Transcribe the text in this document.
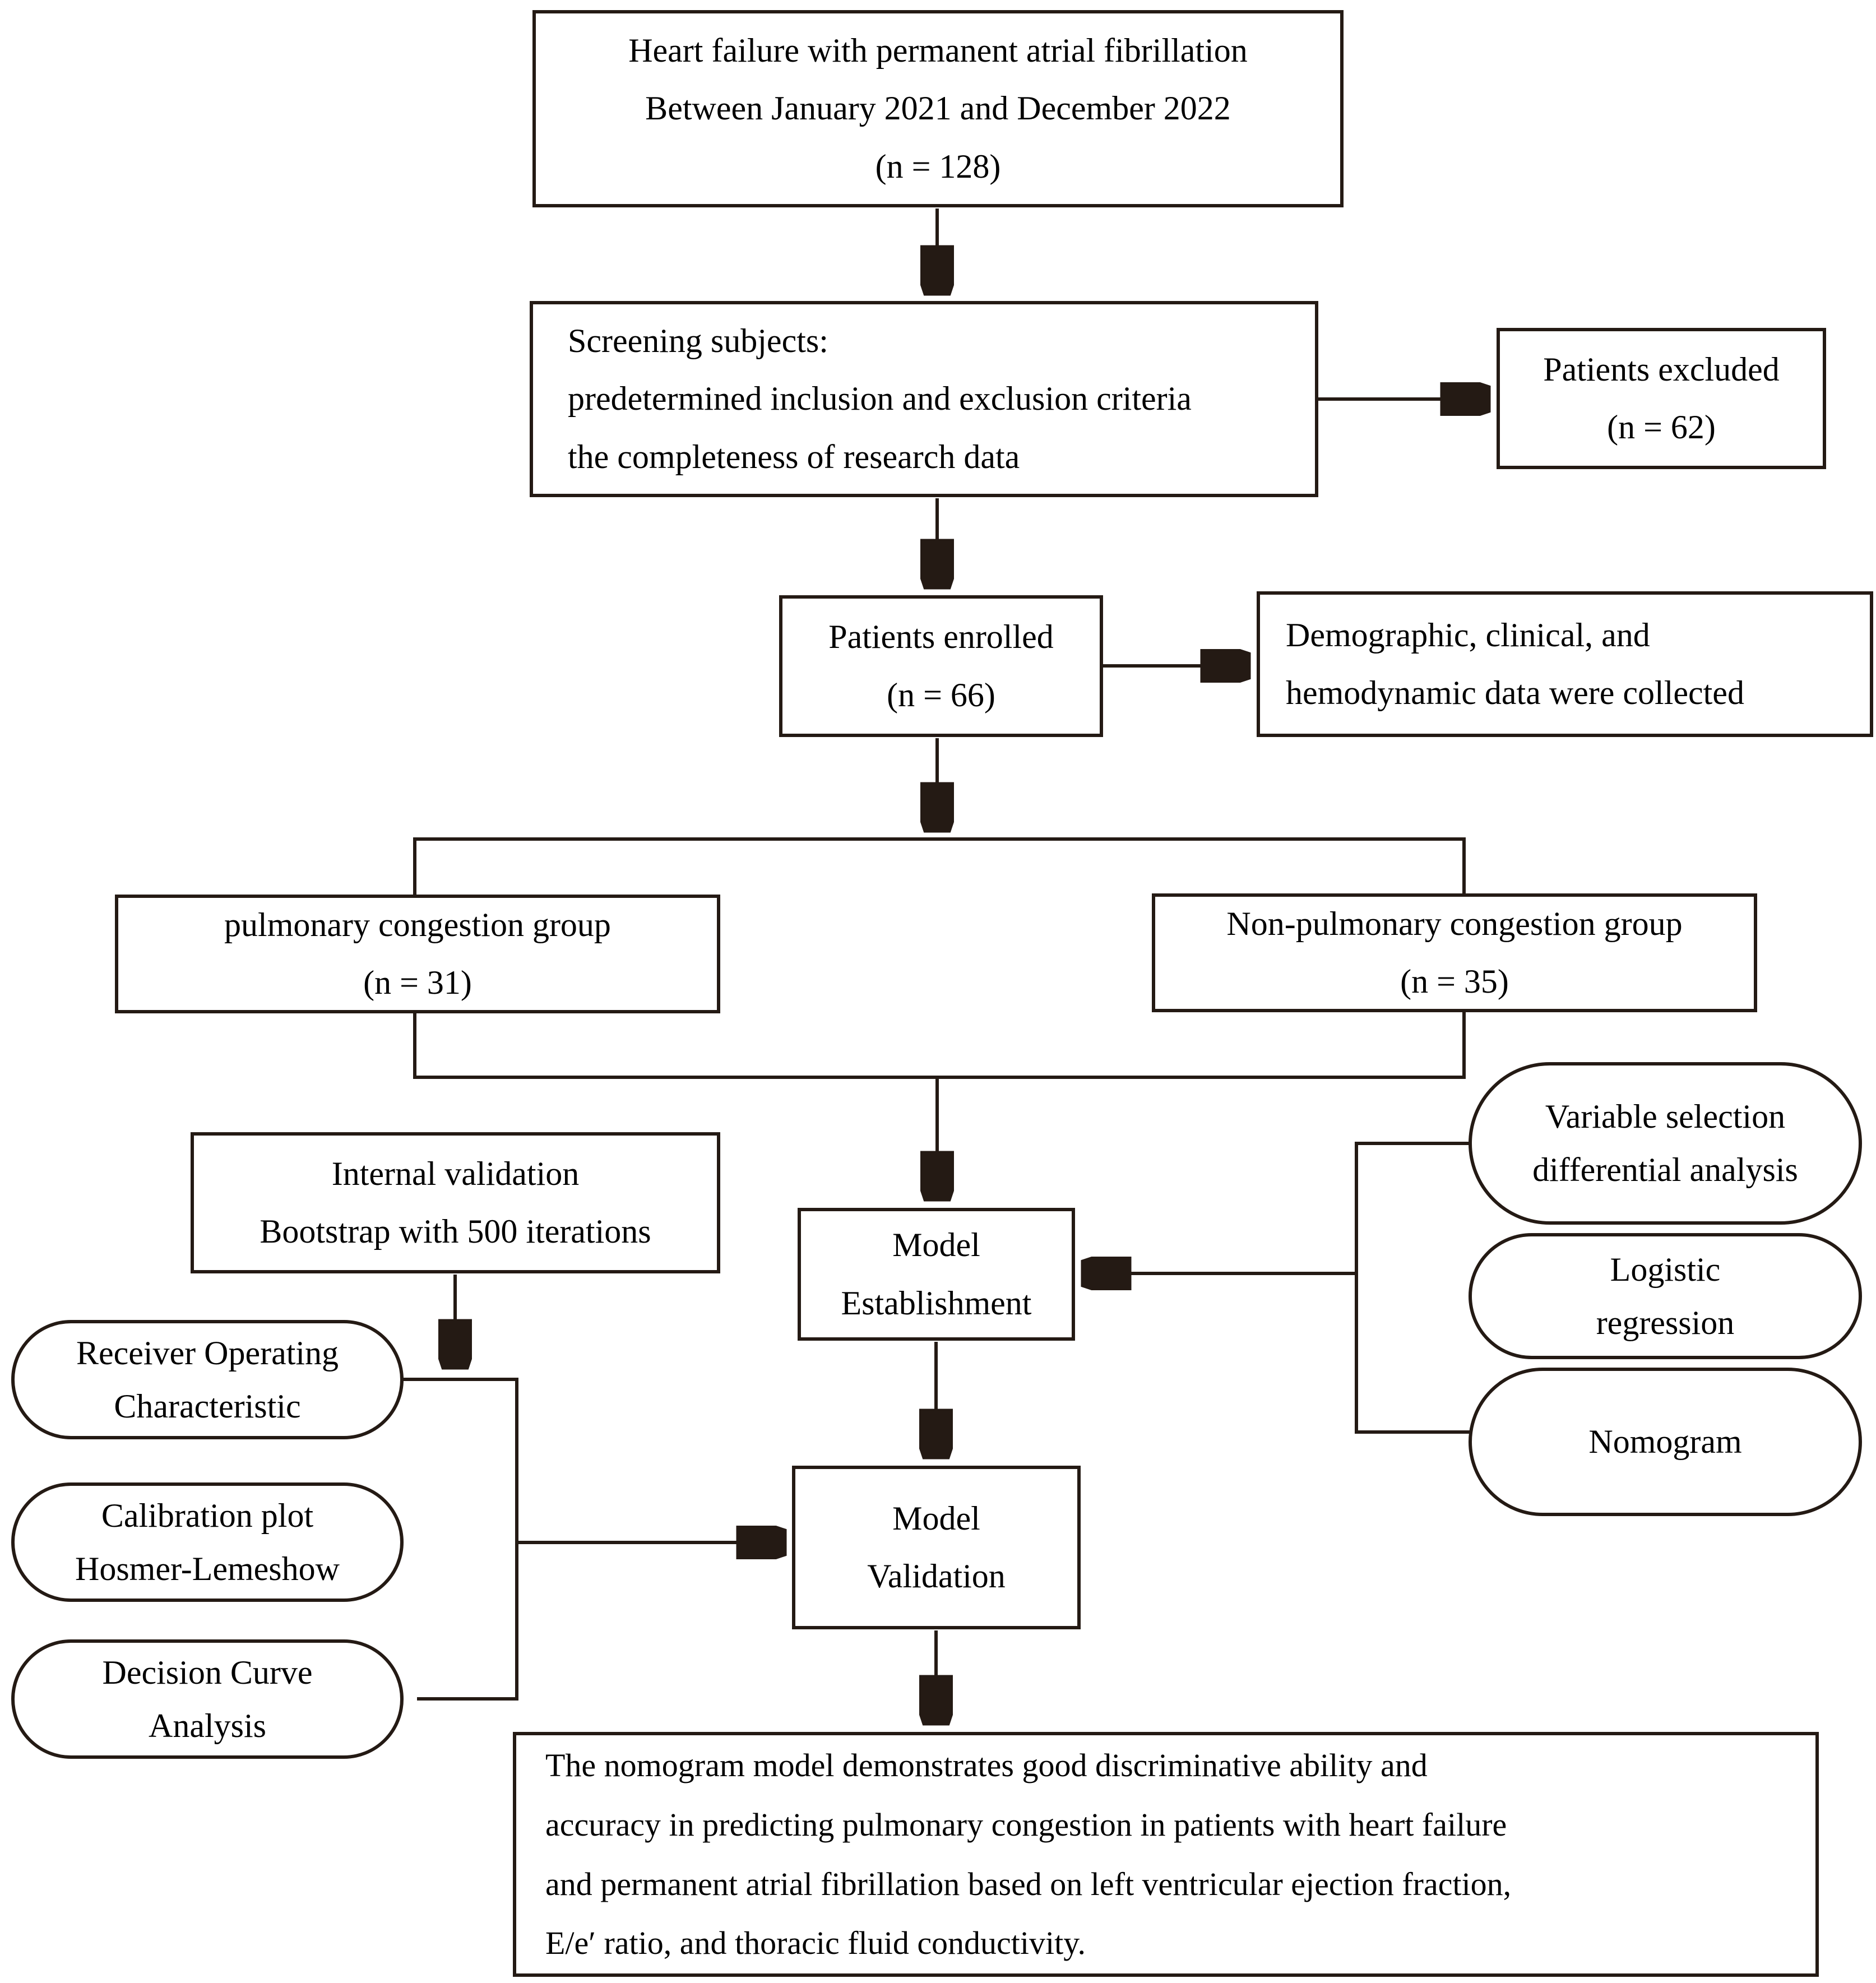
Heart failure with permanent atrial fibrillation
Between January 2021 and December 2022
(n = 128)
Screening subjects:
predetermined inclusion and exclusion criteria
the completeness of research data
Patients excluded
(n = 62)
Patients enrolled
(n = 66)
Demographic, clinical, and
hemodynamic data were collected
pulmonary congestion group
(n = 31)
Non-pulmonary congestion group
(n = 35)
Internal validation
Bootstrap with 500 iterations	Model
Establishment
Variable selection
differential analysis
Logistic
regression
Nomogram
Receiver Operating
Characteristic
Calibration plot
Hosmer-Lemeshow
Decision Curve
Analysis
Model
Validation
The nomogram model demonstrates good discriminative ability and
accuracy in predicting pulmonary congestion in patients with heart failure
and permanent atrial fibrillation based on left ventricular ejection fraction,
E/e′ ratio, and thoracic fluid conductivity.
